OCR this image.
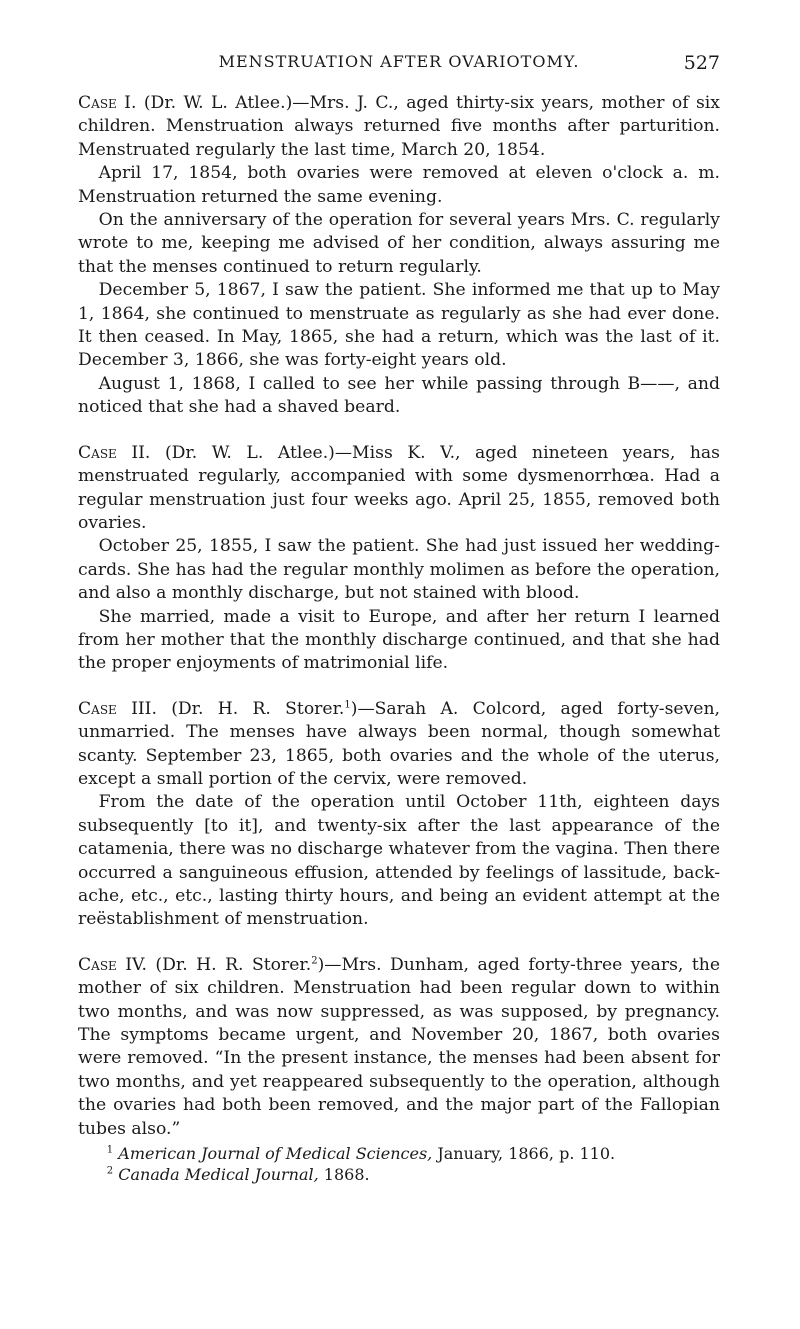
MENSTRUATION AFTER OVARIOTOMY.	527

Case I. (Dr. W. L. Atlee.)—Mrs. J. C., aged thirty-six years, mother of six children. Menstruation always returned five months after parturition. Menstruated regularly the last time, March 20, 1854.

April 17, 1854, both ovaries were removed at eleven o'clock a. m. Menstruation returned the same evening.

On the anniversary of the operation for several years Mrs. C. regularly wrote to me, keeping me advised of her condition, always assuring me that the menses continued to return regularly.

December 5, 1867, I saw the patient. She informed me that up to May 1, 1864, she continued to menstruate as regularly as she had ever done. It then ceased. In May, 1865, she had a return, which was the last of it. December 3, 1866, she was forty-eight years old.

August 1, 1868, I called to see her while passing through B——, and noticed that she had a shaved beard.

Case II. (Dr. W. L. Atlee.)—Miss K. V., aged nineteen years, has menstruated regularly, accompanied with some dysmenorrhœa. Had a regular menstruation just four weeks ago. April 25, 1855, removed both ovaries.

October 25, 1855, I saw the patient. She had just issued her wedding-cards. She has had the regular monthly molimen as before the operation, and also a monthly discharge, but not stained with blood.

She married, made a visit to Europe, and after her return I learned from her mother that the monthly discharge continued, and that she had the proper enjoyments of matrimonial life.

Case III. (Dr. H. R. Storer.$^1$)—Sarah A. Colcord, aged forty-seven, unmarried. The menses have always been normal, though somewhat scanty. September 23, 1865, both ovaries and the whole of the uterus, except a small portion of the cervix, were removed.

From the date of the operation until October 11th, eighteen days subsequently [to it], and twenty-six after the last appearance of the catamenia, there was no discharge whatever from the vagina. Then there occurred a sanguineous effusion, attended by feelings of lassitude, back-ache, etc., etc., lasting thirty hours, and being an evident attempt at the reëstablishment of menstruation.

Case IV. (Dr. H. R. Storer.$^2$)—Mrs. Dunham, aged forty-three years, the mother of six children. Menstruation had been regular down to within two months, and was now suppressed, as was supposed, by pregnancy. The symptoms became urgent, and November 20, 1867, both ovaries were removed. “In the present instance, the menses had been absent for two months, and yet reappeared subsequently to the operation, although the ovaries had both been removed, and the major part of the Fallopian tubes also.”

$^1$ American Journal of Medical Sciences, January, 1866, p. 110.

$^2$ Canada Medical Journal, 1868.
